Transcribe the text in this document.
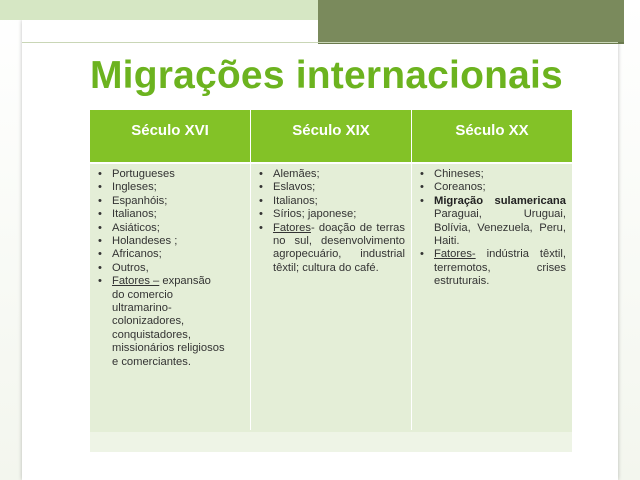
Migrações internacionais
Século XVI	Século XIX	Século XX
• Portugueses
• Ingleses;
• Espanhóis;
• Italianos;
• Asiáticos;
• Holandeses ;
• Africanos;
• Outros,
• Fatores – expansão
do comercio
ultramarino-
colonizadores,
conquistadores,
missionários religiosos
e comerciantes.
• Alemães;
• Eslavos;
• Italianos;
• Sírios; japonese;
• Fatores- doação de terras no sul, desenvolvimento agropecuário, industrial têxtil; cultura do café.
• Chineses;
• Coreanos;
• Migração sulamericana Paraguai, Uruguai, Bolívia, Venezuela, Peru, Haiti.
• Fatores- indústria têxtil, terremotos, crises estruturais.
